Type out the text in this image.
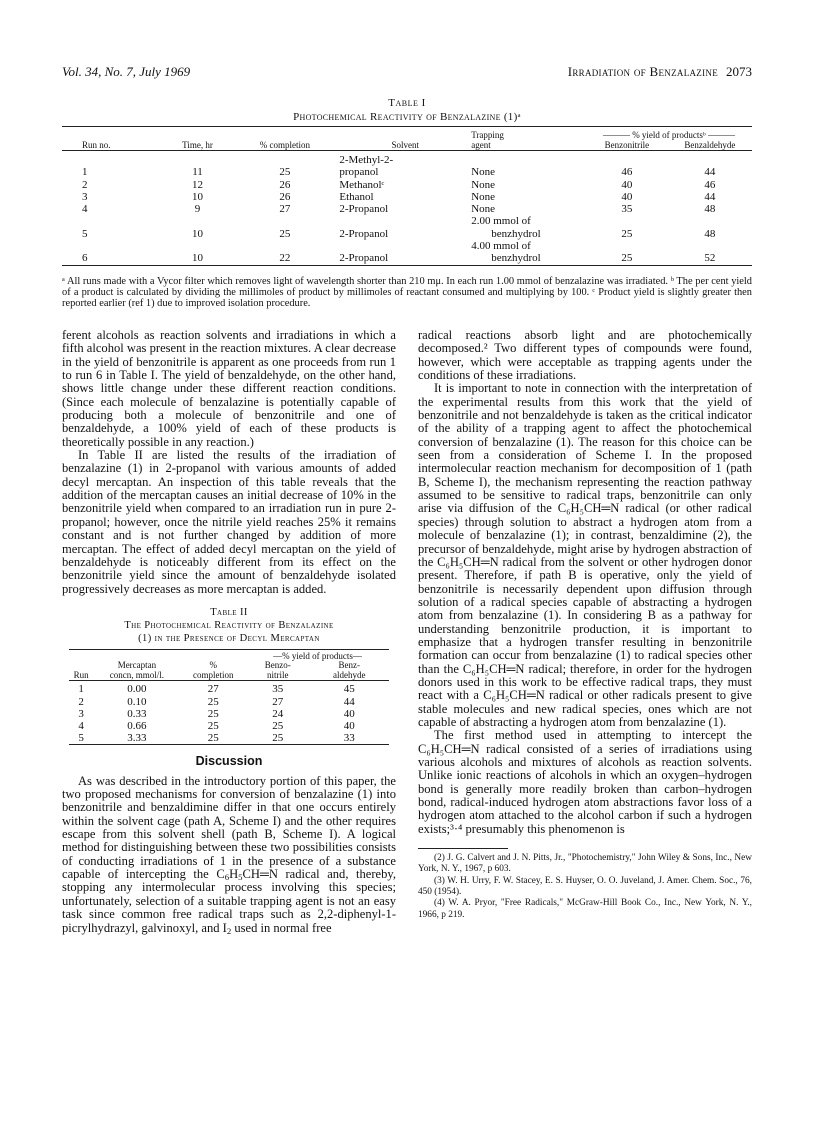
Vol. 34, No. 7, July 1969	Irradiation of Benzalazine 2073
Table I
Photochemical Reactivity of Benzalazine (1)ᵃ

				Trapping	——— % yield of productsᵇ ———	
Run no.	Time, hr	% completion	Solvent	agent	Benzonitrile	Benzaldehyde

			2-Methyl-2-			
1	11	25	propanol	None	46	44
2	12	26	Methanolᶜ	None	40	46
3	10	26	Ethanol	None	40	44
4	9	27	2-Propanol	None	35	48
				2.00 mmol of		
5	10	25	2-Propanol	benzhydrol	25	48
				4.00 mmol of		
6	10	22	2-Propanol	benzhydrol	25	52

ᵃ All runs made with a Vycor filter which removes light of wavelength shorter than 210 mμ. In each run 1.00 mmol of benzalazine was irradiated. ᵇ The per cent yield of a product is calculated by dividing the millimoles of product by millimoles of reactant consumed and multiplying by 100. ᶜ Product yield is slightly greater then reported earlier (ref 1) due to improved isolation procedure.

ferent alcohols as reaction solvents and irradiations in which a fifth alcohol was present in the reaction mixtures. A clear decrease in the yield of benzonitrile is apparent as one proceeds from run 1 to run 6 in Table I. The yield of benzaldehyde, on the other hand, shows little change under these different reaction conditions. (Since each molecule of benzalazine is potentially capable of producing both a molecule of benzonitrile and one of benzaldehyde, a 100% yield of each of these products is theoretically possible in any reaction.)

In Table II are listed the results of the irradiation of benzalazine (1) in 2-propanol with various amounts of added decyl mercaptan. An inspection of this table reveals that the addition of the mercaptan causes an initial decrease of 10% in the benzonitrile yield when compared to an irradiation run in pure 2-propanol; however, once the nitrile yield reaches 25% it remains constant and is not further changed by addition of more mercaptan. The effect of added decyl mercaptan on the yield of benzaldehyde is noticeably different from its effect on the benzonitrile yield since the amount of benzaldehyde isolated progressively decreases as more mercaptan is added.

Table II
The Photochemical Reactivity of Benzalazine
(1) in the Presence of Decyl Mercaptan

			—% yield of products—	
	Mercaptan	%	Benzo-	Benz-
Run	concn, mmol/l.	completion	nitrile	aldehyde

1	0.00	27	35	45
2	0.10	25	27	44
3	0.33	25	24	40
4	0.66	25	25	40
5	3.33	25	25	33

Discussion

As was described in the introductory portion of this paper, the two proposed mechanisms for conversion of benzalazine (1) into benzonitrile and benzaldimine differ in that one occurs entirely within the solvent cage (path A, Scheme I) and the other requires escape from this solvent shell (path B, Scheme I). A logical method for distinguishing between these two possibilities consists of conducting irradiations of 1 in the presence of a substance capable of intercepting the $C_6H_5CH═N$ radical and, thereby, stopping any intermolecular process involving this species; unfortunately, selection of a suitable trapping agent is not an easy task since common free radical traps such as 2,2-diphenyl-1-picrylhydrazyl, galvinoxyl, and $I_2$ used in normal free

radical reactions absorb light and are photochemically decomposed.² Two different types of compounds were found, however, which were acceptable as trapping agents under the conditions of these irradiations.

It is important to note in connection with the interpretation of the experimental results from this work that the yield of benzonitrile and not benzaldehyde is taken as the critical indicator of the ability of a trapping agent to affect the photochemical conversion of benzalazine (1). The reason for this choice can be seen from a consideration of Scheme I. In the proposed intermolecular reaction mechanism for decomposition of 1 (path B, Scheme I), the mechanism representing the reaction pathway assumed to be sensitive to radical traps, benzonitrile can only arise via diffusion of the C₆H₅CH═N radical (or other radical species) through solution to abstract a hydrogen atom from a molecule of benzalazine (1); in contrast, benzaldimine (2), the precursor of benzaldehyde, might arise by hydrogen abstraction of the C₆H₅CH═N radical from the solvent or other hydrogen donor present. Therefore, if path B is operative, only the yield of benzonitrile is necessarily dependent upon diffusion through solution of a radical species capable of abstracting a hydrogen atom from benzalazine (1). In considering B as a pathway for understanding benzonitrile production, it is important to emphasize that a hydrogen transfer resulting in benzonitrile formation can occur from benzalazine (1) to radical species other than the C₆H₅CH═N radical; therefore, in order for the hydrogen donors used in this work to be effective radical traps, they must react with a C₆H₅CH═N radical or other radicals present to give stable molecules and new radical species, ones which are not capable of abstracting a hydrogen atom from benzalazine (1).

The first method used in attempting to intercept the C₆H₅CH═N radical consisted of a series of irradiations using various alcohols and mixtures of alcohols as reaction solvents. Unlike ionic reactions of alcohols in which an oxygen–hydrogen bond is generally more readily broken than carbon–hydrogen bond, radical-induced hydrogen atom abstractions favor loss of a hydrogen atom attached to the alcohol carbon if such a hydrogen exists;³·⁴ presumably this phenomenon is

(2) J. G. Calvert and J. N. Pitts, Jr., "Photochemistry," John Wiley & Sons, Inc., New York, N. Y., 1967, p 603.

(3) W. H. Urry, F. W. Stacey, E. S. Huyser, O. O. Juveland, J. Amer. Chem. Soc., 76, 450 (1954).

(4) W. A. Pryor, "Free Radicals," McGraw-Hill Book Co., Inc., New York, N. Y., 1966, p 219.
